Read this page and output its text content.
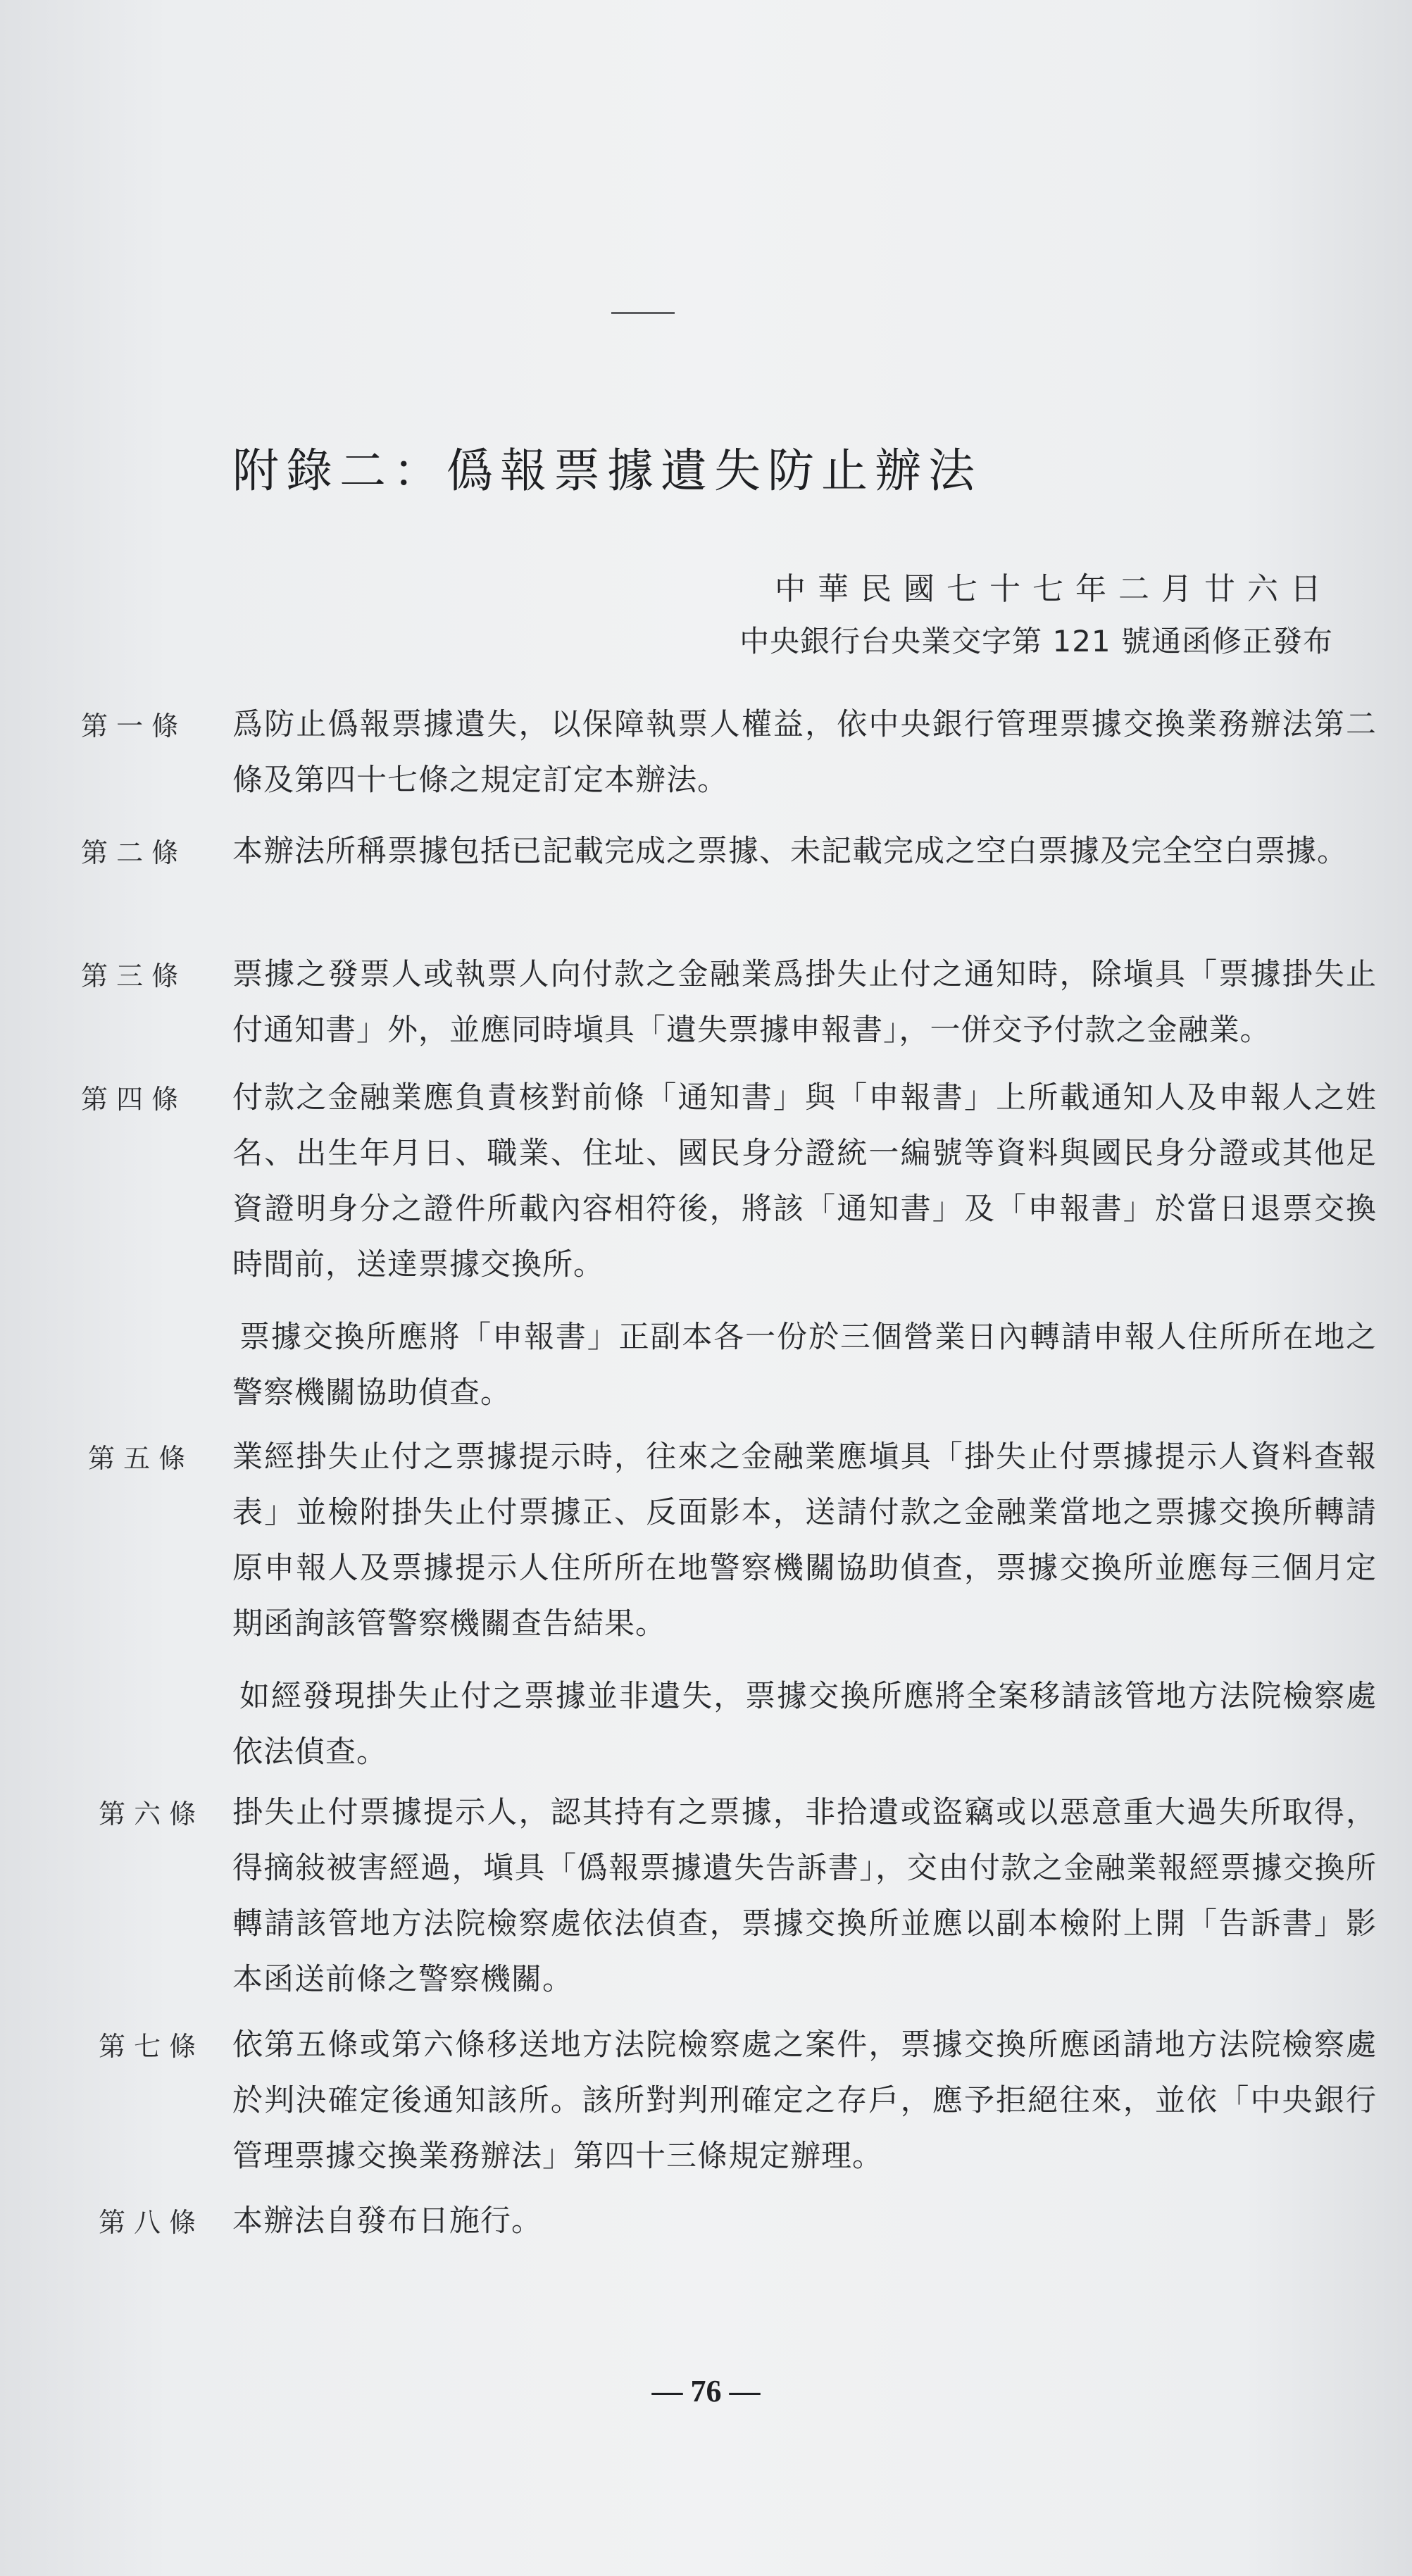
附錄二：僞報票據遺失防止辦法
中華民國七十七年二月廿六日
中央銀行台央業交字第 121 號通函修正發布
第 一 條	爲防止僞報票據遺失，以保障執票人權益，依中央銀行管理票據交換業務辦法第二條及第四十七條之規定訂定本辦法。
第 二 條	本辦法所稱票據包括已記載完成之票據、未記載完成之空白票據及完全空白票據。
第 三 條	票據之發票人或執票人向付款之金融業爲掛失止付之通知時，除塡具「票據掛失止付通知書」外，並應同時塡具「遺失票據申報書」，一併交予付款之金融業。
第 四 條	付款之金融業應負責核對前條「通知書」與「申報書」上所載通知人及申報人之姓名、出生年月日、職業、住址、國民身分證統一編號等資料與國民身分證或其他足資證明身分之證件所載內容相符後，將該「通知書」及「申報書」於當日退票交換時間前，送達票據交換所。
票據交換所應將「申報書」正副本各一份於三個營業日內轉請申報人住所所在地之警察機關協助偵查。
第 五 條	業經掛失止付之票據提示時，往來之金融業應塡具「掛失止付票據提示人資料查報表」並檢附掛失止付票據正、反面影本，送請付款之金融業當地之票據交換所轉請原申報人及票據提示人住所所在地警察機關協助偵查，票據交換所並應每三個月定期函詢該管警察機關查告結果。
如經發現掛失止付之票據並非遺失，票據交換所應將全案移請該管地方法院檢察處依法偵查。
第 六 條	掛失止付票據提示人，認其持有之票據，非拾遺或盜竊或以惡意重大過失所取得，得摘敍被害經過，塡具「僞報票據遺失告訴書」，交由付款之金融業報經票據交換所轉請該管地方法院檢察處依法偵查，票據交換所並應以副本檢附上開「告訴書」影本函送前條之警察機關。
第 七 條	依第五條或第六條移送地方法院檢察處之案件，票據交換所應函請地方法院檢察處於判決確定後通知該所。該所對判刑確定之存戶，應予拒絕往來，並依「中央銀行管理票據交換業務辦法」第四十三條規定辦理。
第 八 條	本辦法自發布日施行。
— 76 —
